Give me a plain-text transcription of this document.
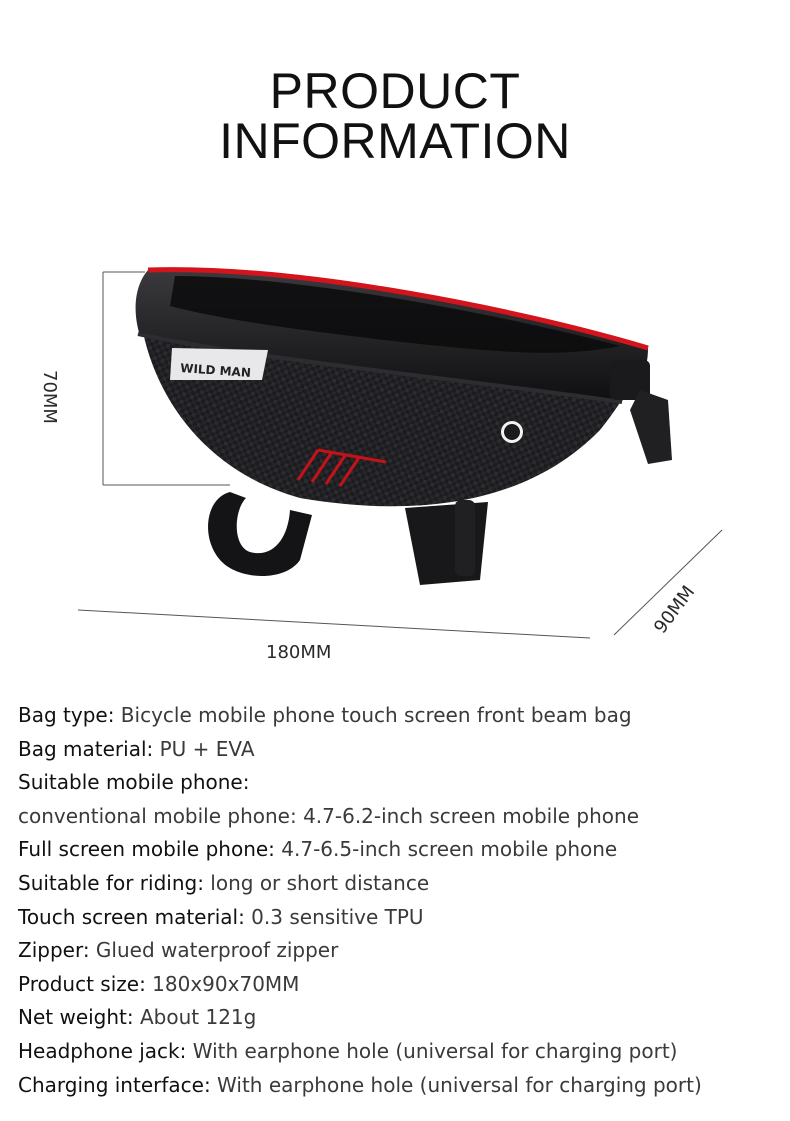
PRODUCT
INFORMATION
WILD MAN
180MM
70MM
90MM
Bag type: Bicycle mobile phone touch screen front beam bag
Bag material: PU + EVA
Suitable mobile phone:
conventional mobile phone: 4.7-6.2-inch screen mobile phone
Full screen mobile phone: 4.7-6.5-inch screen mobile phone
Suitable for riding: long or short distance
Touch screen material: 0.3 sensitive TPU
Zipper: Glued waterproof zipper
Product size: 180x90x70MM
Net weight: About 121g
Headphone jack: With earphone hole (universal for charging port)
Charging interface: With earphone hole (universal for charging port)
